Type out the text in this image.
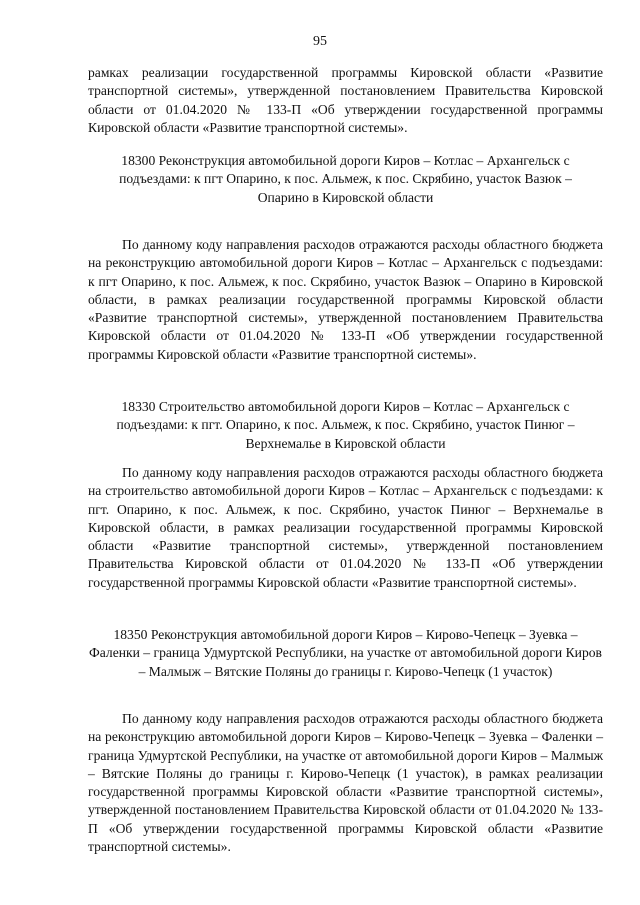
95

рамках реализации государственной программы Кировской области «Развитие

транспортной системы», утвержденной постановлением Правительства Кировской области от 01.04.2020 № 133-П «Об утверждении государственной программы Кировской области «Развитие транспортной системы».

18300 Реконструкция автомобильной дороги Киров – Котлас – Архангельск с подъездами: к пгт Опарино, к пос. Альмеж, к пос. Скрябино, участок Вазюк – Опарино в Кировской области

По данному коду направления расходов отражаются расходы областного бюджета на реконструкцию автомобильной дороги Киров – Котлас – Архангельск с подъездами: к пгт Опарино, к пос. Альмеж, к пос. Скрябино, участок Вазюк – Опарино в Кировской области, в рамках реализации государственной программы Кировской области «Развитие транспортной системы», утвержденной постановлением Правительства Кировской области от 01.04.2020 № 133-П «Об утверждении государственной программы Кировской области «Развитие транспортной системы».

18330 Строительство автомобильной дороги Киров – Котлас – Архангельск с подъездами: к пгт. Опарино, к пос. Альмеж, к пос. Скрябино, участок Пинюг – Верхнемалье в Кировской области

По данному коду направления расходов отражаются расходы областного бюджета на строительство автомобильной дороги Киров – Котлас – Архангельск с подъездами: к пгт. Опарино, к пос. Альмеж, к пос. Скрябино, участок Пинюг – Верхнемалье в Кировской области, в рамках реализации государственной программы Кировской области «Развитие транспортной системы», утвержденной постановлением Правительства Кировской области от 01.04.2020 № 133-П «Об утверждении государственной программы Кировской области «Развитие транспортной системы».

18350 Реконструкция автомобильной дороги Киров – Кирово-Чепецк – Зуевка – Фаленки – граница Удмуртской Республики, на участке от автомобильной дороги Киров – Малмыж – Вятские Поляны до границы г. Кирово-Чепецк (1 участок)

По данному коду направления расходов отражаются расходы областного бюджета на реконструкцию автомобильной дороги Киров – Кирово-Чепецк – Зуевка – Фаленки – граница Удмуртской Республики, на участке от автомобильной дороги Киров – Малмыж – Вятские Поляны до границы г. Кирово-Чепецк (1 участок), в рамках реализации государственной программы Кировской области «Развитие транспортной системы», утвержденной постановлением Правительства Кировской области от 01.04.2020 № 133-П «Об утверждении государственной программы Кировской области «Развитие транспортной системы».
